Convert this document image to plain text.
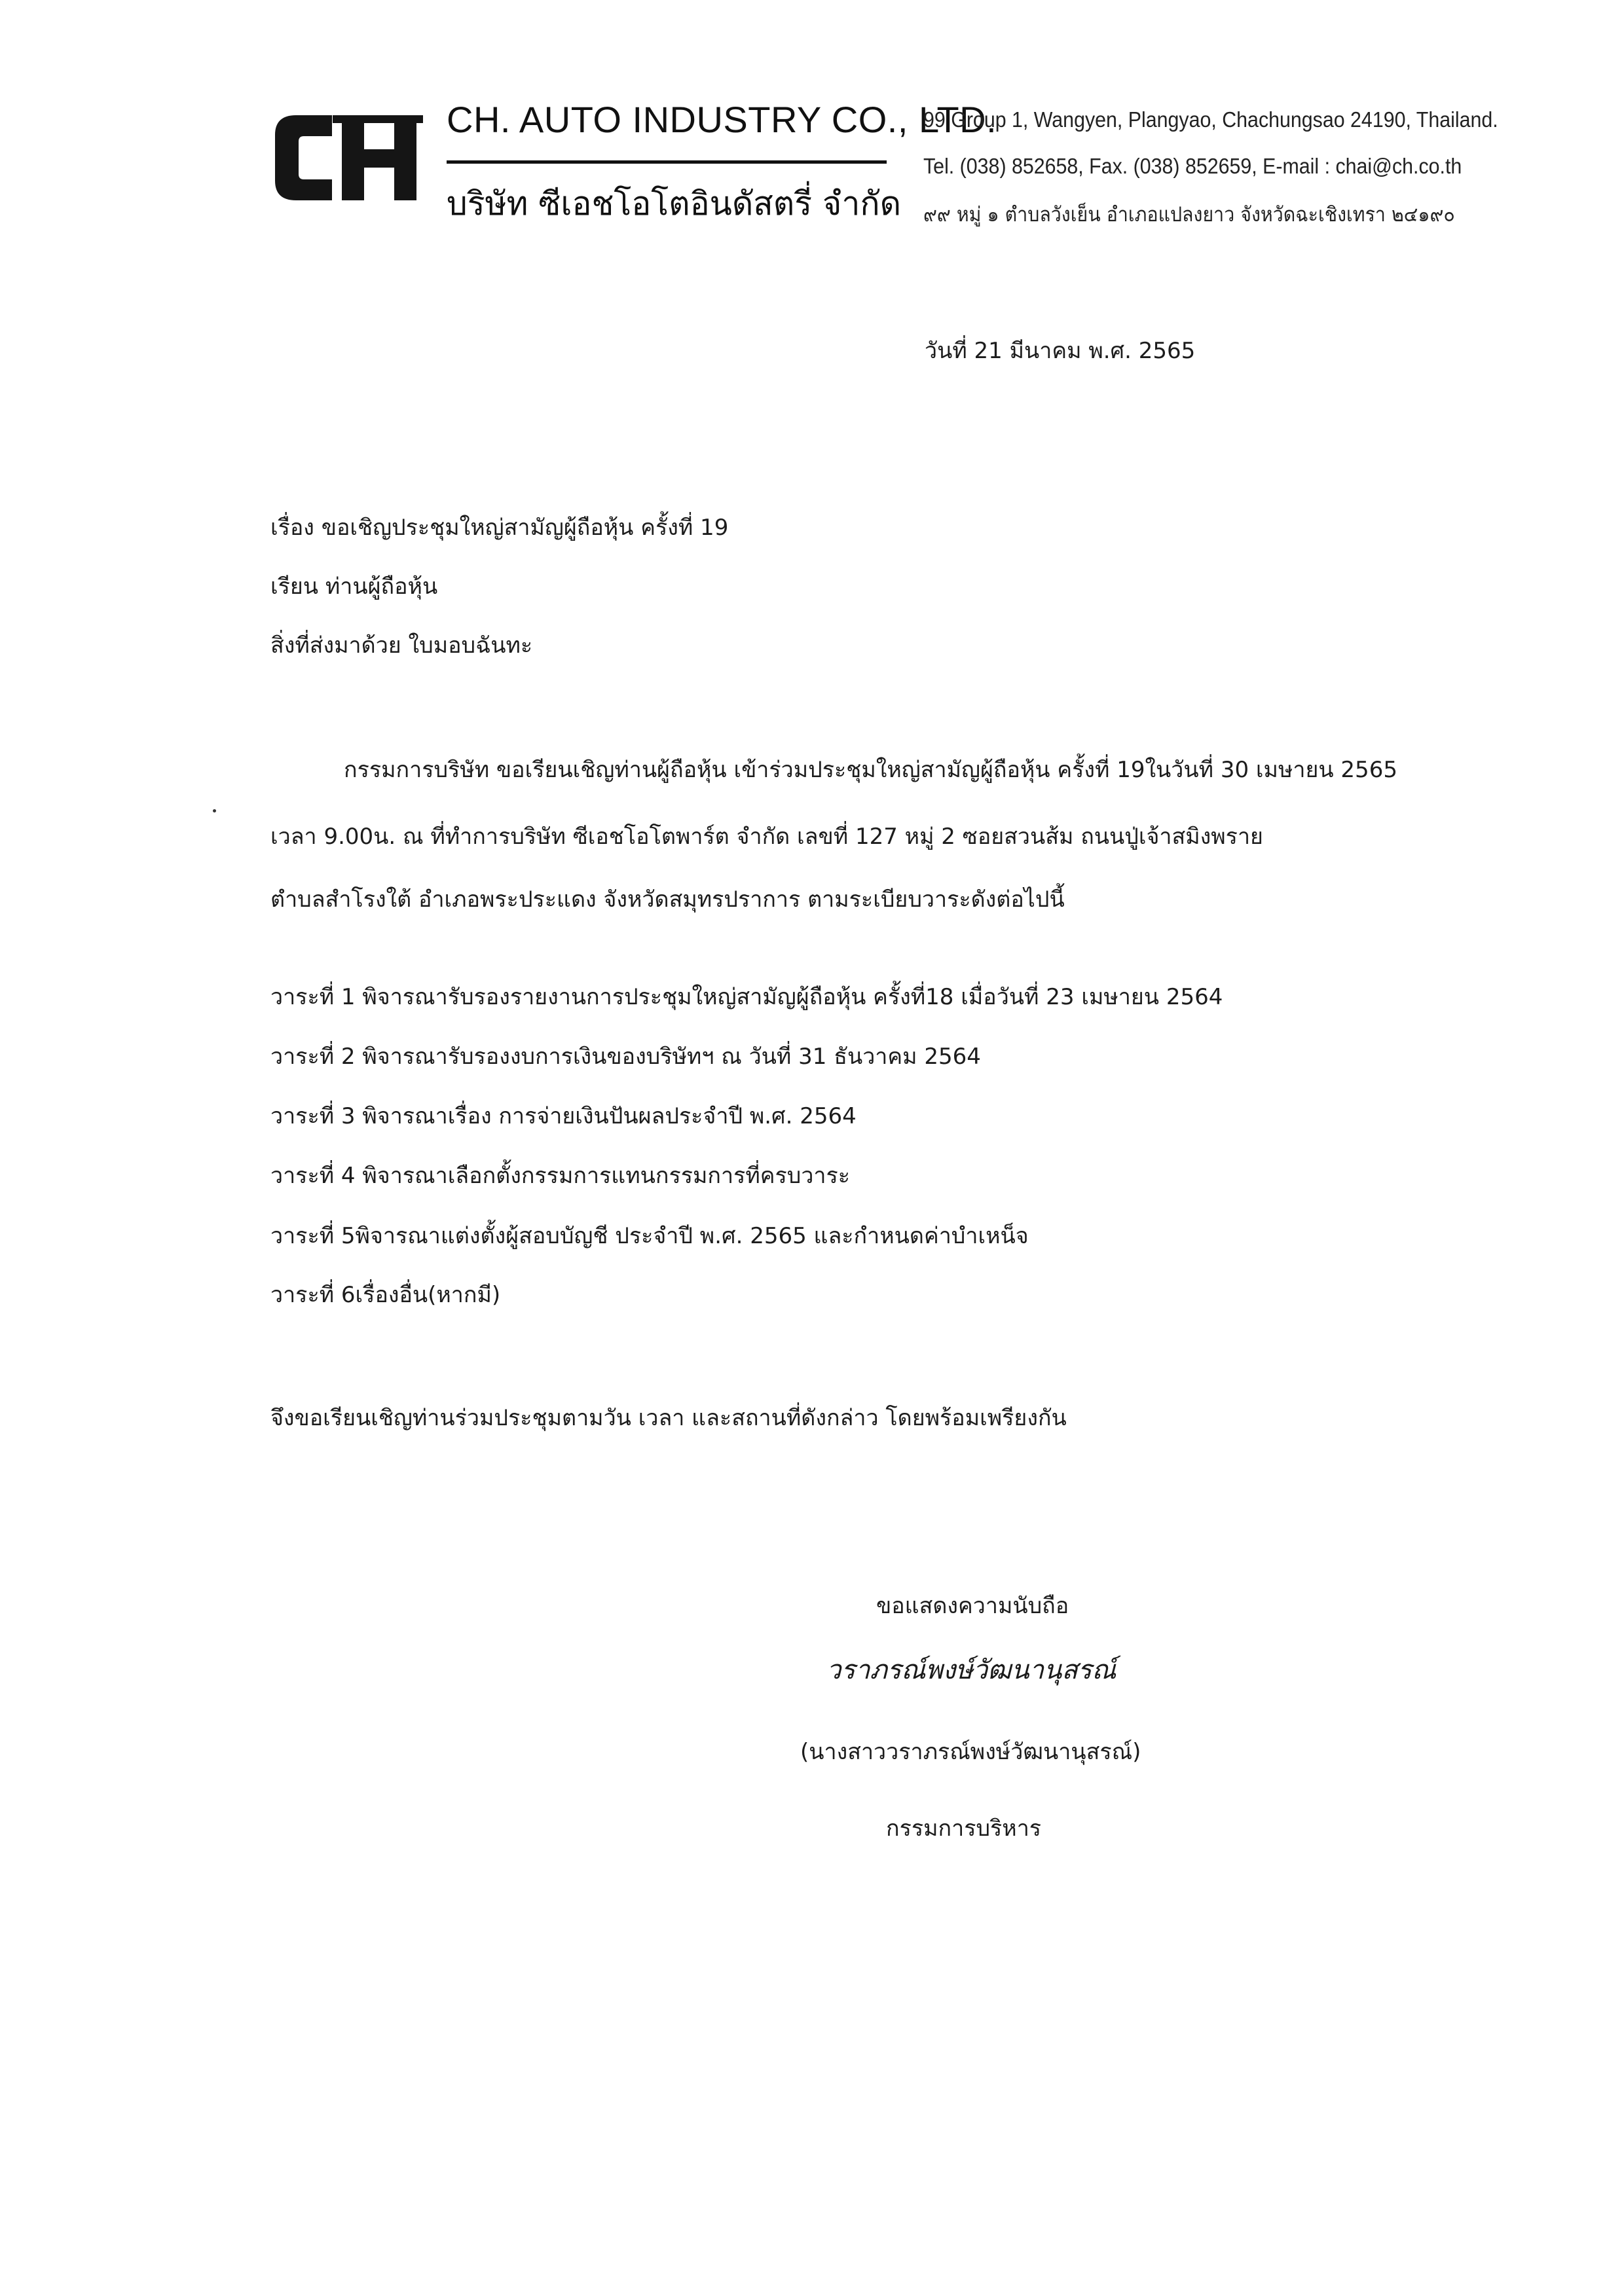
CH. AUTO INDUSTRY CO., LTD.
บริษัท ซีเอชโอโตอินดัสตรี่ จำกัด
99 Group 1, Wangyen, Plangyao, Chachungsao 24190, Thailand.
Tel. (038) 852658, Fax. (038) 852659, E-mail : chai@ch.co.th
๙๙ หมู่ ๑ ตำบลวังเย็น อำเภอแปลงยาว จังหวัดฉะเชิงเทรา ๒๔๑๙๐
วันที่ 21 มีนาคม พ.ศ. 2565
เรื่อง ขอเชิญประชุมใหญ่สามัญผู้ถือหุ้น ครั้งที่ 19
เรียน ท่านผู้ถือหุ้น
สิ่งที่ส่งมาด้วย ใบมอบฉันทะ
กรรมการบริษัท ขอเรียนเชิญท่านผู้ถือหุ้น เข้าร่วมประชุมใหญ่สามัญผู้ถือหุ้น ครั้งที่ 19ในวันที่ 30 เมษายน 2565
เวลา 9.00น. ณ ที่ทำการบริษัท ซีเอชโอโตพาร์ต จำกัด เลขที่ 127 หมู่ 2 ซอยสวนส้ม ถนนปู่เจ้าสมิงพราย
ตำบลสำโรงใต้ อำเภอพระประแดง จังหวัดสมุทรปราการ ตามระเบียบวาระดังต่อไปนี้
วาระที่ 1 พิจารณารับรองรายงานการประชุมใหญ่สามัญผู้ถือหุ้น ครั้งที่18 เมื่อวันที่ 23 เมษายน 2564
วาระที่ 2 พิจารณารับรองงบการเงินของบริษัทฯ ณ วันที่ 31 ธันวาคม 2564
วาระที่ 3 พิจารณาเรื่อง การจ่ายเงินปันผลประจำปี พ.ศ. 2564
วาระที่ 4 พิจารณาเลือกตั้งกรรมการแทนกรรมการที่ครบวาระ
วาระที่ 5พิจารณาแต่งตั้งผู้สอบบัญชี ประจำปี พ.ศ. 2565 และกำหนดค่าบำเหน็จ
วาระที่ 6เรื่องอื่น(หากมี)
จึงขอเรียนเชิญท่านร่วมประชุมตามวัน เวลา และสถานที่ดังกล่าว โดยพร้อมเพรียงกัน
ขอแสดงความนับถือ
วราภรณ์พงษ์วัฒนานุสรณ์
(นางสาววราภรณ์พงษ์วัฒนานุสรณ์)
กรรมการบริหาร
